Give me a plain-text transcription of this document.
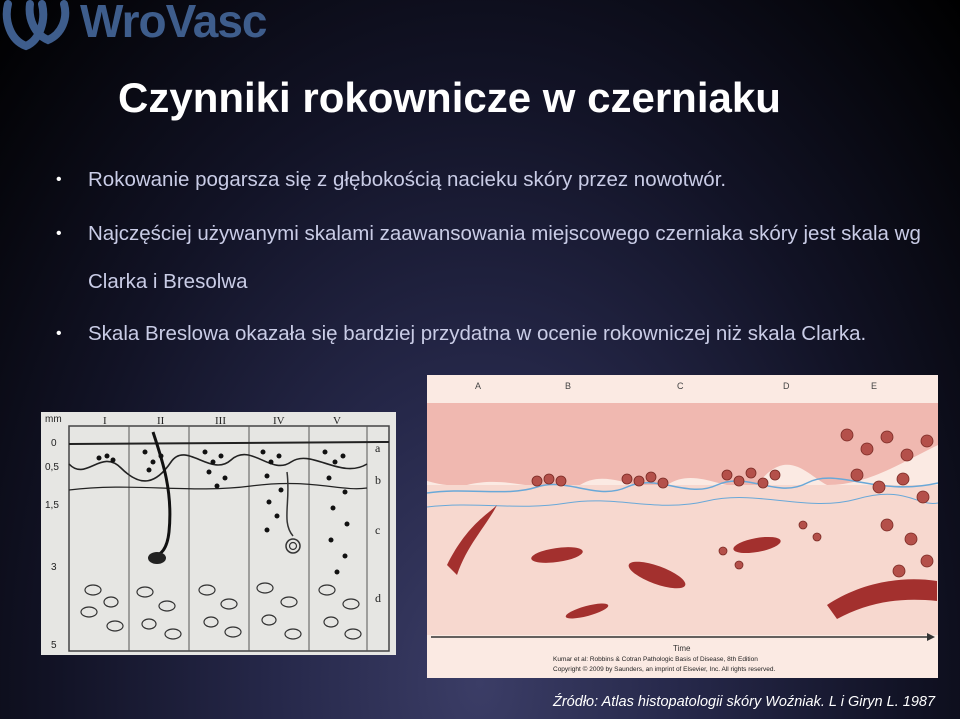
WroVasc
Czynniki rokownicze w czerniaku
• Rokowanie pogarsza się z głębokością nacieku skóry przez nowotwór.
• Najczęściej używanymi skalami zaawansowania miejscowego czerniaka skóry jest skala wg Clarka i Bresolwa
• Skala Breslowa okazała się bardziej przydatna w ocenie rokowniczej niż skala Clarka.
mm
0
0,5
1,5
3
5
I	II	III	IV	V
a
b
c
d
A	B	C	D	E
Time
Kumar et al: Robbins & Cotran Pathologic Basis of Disease, 8th Edition
Copyright © 2009 by Saunders, an imprint of Elsevier, Inc. All rights reserved.
Źródło: Atlas histopatologii skóry Woźniak. L i Giryn L. 1987
